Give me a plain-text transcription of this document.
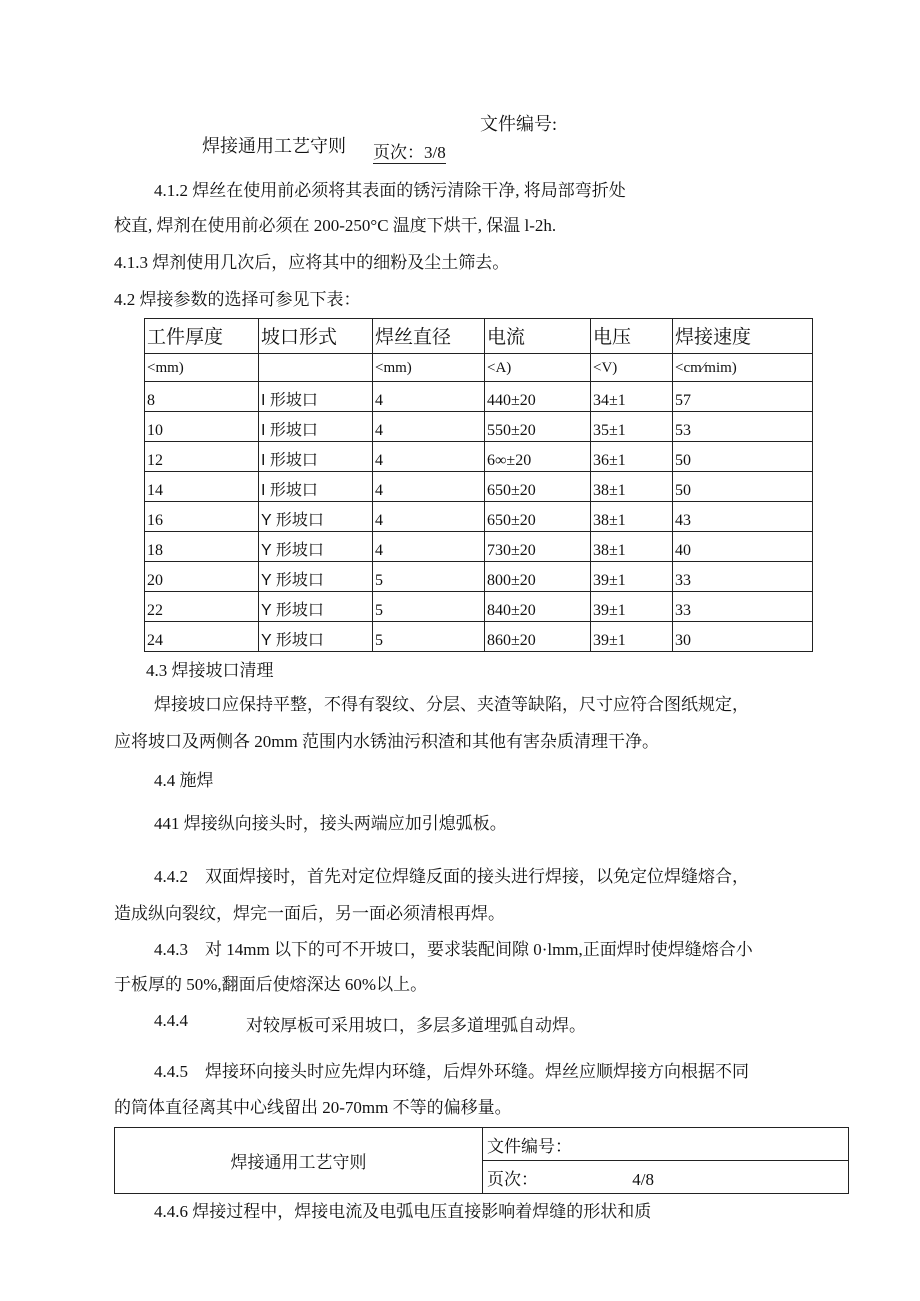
文件编号:
焊接通用工艺守则 页次：3/8
4.1.2 焊丝在使用前必须将其表面的锈污清除干净, 将局部弯折处
校直, 焊剂在使用前必须在 200-250°C 温度下烘干, 保温 l-2h.
4.1.3 焊剂使用几次后，应将其中的细粉及尘土筛去。
4.2 焊接参数的选择可参见下表：
工件厚度	坡口形式	焊丝直径	电流	电压	焊接速度
<mm)		<mm)	<A)	<V)	<cm∕mim)
8	I 形坡口	4	440±20	34±1	57
10	I 形坡口	4	550±20	35±1	53
12	I 形坡口	4	6∞±20	36±1	50
14	I 形坡口	4	650±20	38±1	50
16	Y 形坡口	4	650±20	38±1	43
18	Y 形坡口	4	730±20	38±1	40
20	Y 形坡口	5	800±20	39±1	33
22	Y 形坡口	5	840±20	39±1	33
24	Y 形坡口	5	860±20	39±1	30
4.3 焊接坡口清理
焊接坡口应保持平整，不得有裂纹、分层、夹渣等缺陷，尺寸应符合图纸规定，
应将坡口及两侧各 20mm 范围内水锈油污积渣和其他有害杂质清理干净。
4.4 施焊
441 焊接纵向接头时，接头两端应加引熄弧板。
4.4.2　双面焊接时，首先对定位焊缝反面的接头进行焊接，以免定位焊缝熔合，
造成纵向裂纹，焊完一面后，另一面必须清根再焊。
4.4.3　对 14mm 以下的可不开坡口，要求装配间隙 0·lmm,正面焊时使焊缝熔合小
于板厚的 50%,翻面后使熔深达 60%以上。
4.4.4	对较厚板可采用坡口，多层多道埋弧自动焊。
4.4.5　焊接环向接头时应先焊内环缝，后焊外环缝。焊丝应顺焊接方向根据不同
的筒体直径离其中心线留出 20-70mm 不等的偏移量。
焊接通用工艺守则	文件编号：
页次：	4/8
4.4.6 焊接过程中，焊接电流及电弧电压直接影响着焊缝的形状和质
